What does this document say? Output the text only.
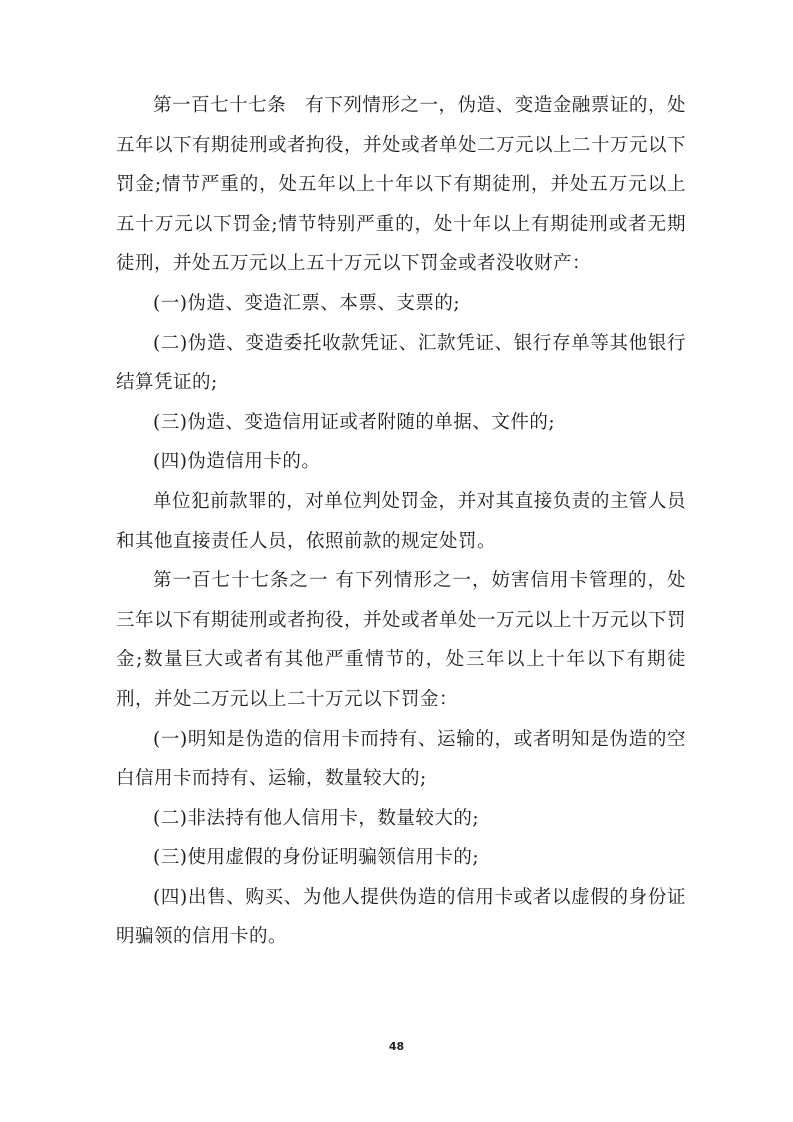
第一百七十七条　有下列情形之一，伪造、变造金融票证的，处五年以下有期徒刑或者拘役，并处或者单处二万元以上二十万元以下罚金;情节严重的，处五年以上十年以下有期徒刑，并处五万元以上五十万元以下罚金;情节特别严重的，处十年以上有期徒刑或者无期徒刑，并处五万元以上五十万元以下罚金或者没收财产：

(一)伪造、变造汇票、本票、支票的;

(二)伪造、变造委托收款凭证、汇款凭证、银行存单等其他银行结算凭证的;

(三)伪造、变造信用证或者附随的单据、文件的;

(四)伪造信用卡的。

单位犯前款罪的，对单位判处罚金，并对其直接负责的主管人员和其他直接责任人员，依照前款的规定处罚。

第一百七十七条之一 有下列情形之一，妨害信用卡管理的，处三年以下有期徒刑或者拘役，并处或者单处一万元以上十万元以下罚金;数量巨大或者有其他严重情节的，处三年以上十年以下有期徒刑，并处二万元以上二十万元以下罚金：

(一)明知是伪造的信用卡而持有、运输的，或者明知是伪造的空白信用卡而持有、运输，数量较大的;

(二)非法持有他人信用卡，数量较大的;

(三)使用虚假的身份证明骗领信用卡的;

(四)出售、购买、为他人提供伪造的信用卡或者以虚假的身份证明骗领的信用卡的。

48
